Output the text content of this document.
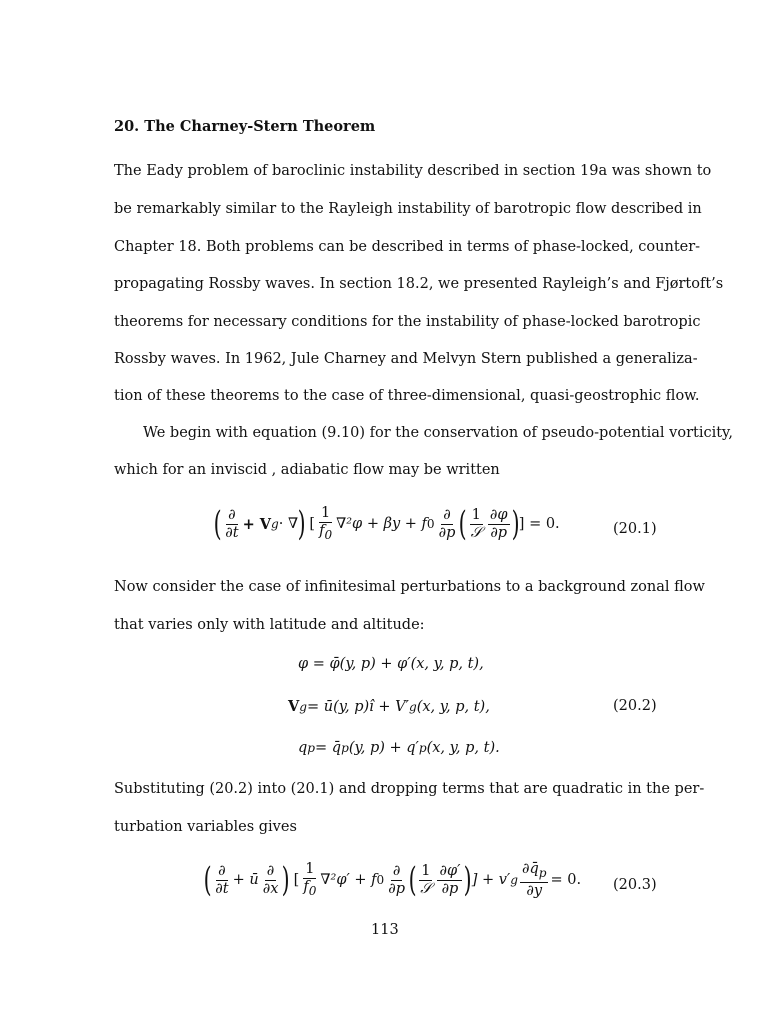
20. The Charney-Stern Theorem
The Eady problem of baroclinic instability described in section 19a was shown to
be remarkably similar to the Rayleigh instability of barotropic flow described in
Chapter 18. Both problems can be described in terms of phase-locked, counter-
propagating Rossby waves. In section 18.2, we presented Rayleigh’s and Fjørtoft’s
theorems for necessary conditions for the instability of phase-locked barotropic
Rossby waves. In 1962, Jule Charney and Melvyn Stern published a generaliza-
tion of these theorems to the case of three-dimensional, quasi-geostrophic flow.
We begin with equation (9.10) for the conservation of pseudo-potential vorticity,
which for an inviscid , adiabatic flow may be written
( $\frac{\partial}{\partial t} + V$ g · ∇ ) [ $\frac{1}{f_0} \nabla^2\varphi + \beta y + f$ $0 \frac{\partial}{\partial p}$ ( $\frac{1}{\text{𝒮}} \frac{\partial\varphi}{\partial p}$ ) ] = 0.	(20.1)
Now consider the case of infinitesimal perturbations to a background zonal flow
that varies only with latitude and altitude:
φ = φ̄(y, p) + φ′(x, y, p, t),
V g = ū(y, p)î + V′ g (x, y, p, t),	(20.2)
q p = q̄ p (y, p) + q′ p (x, y, p, t).
Substituting (20.2) into (20.1) and dropping terms that are quadratic in the per-
turbation variables gives
( $\frac{\partial}{\partial t}$ + ū $\frac{\partial}{\partial x}$ ) [ $\frac{1}{f_0} \nabla^2\varphi' + f$ $0 \frac{\partial}{\partial p}$ ( $\frac{1}{\text{𝒮}} \frac{\partial\varphi'}{\partial p}$ ) ] + v′ g $\frac{\partial q̄_p}{\partial y} = 0$. (20.3)
113
